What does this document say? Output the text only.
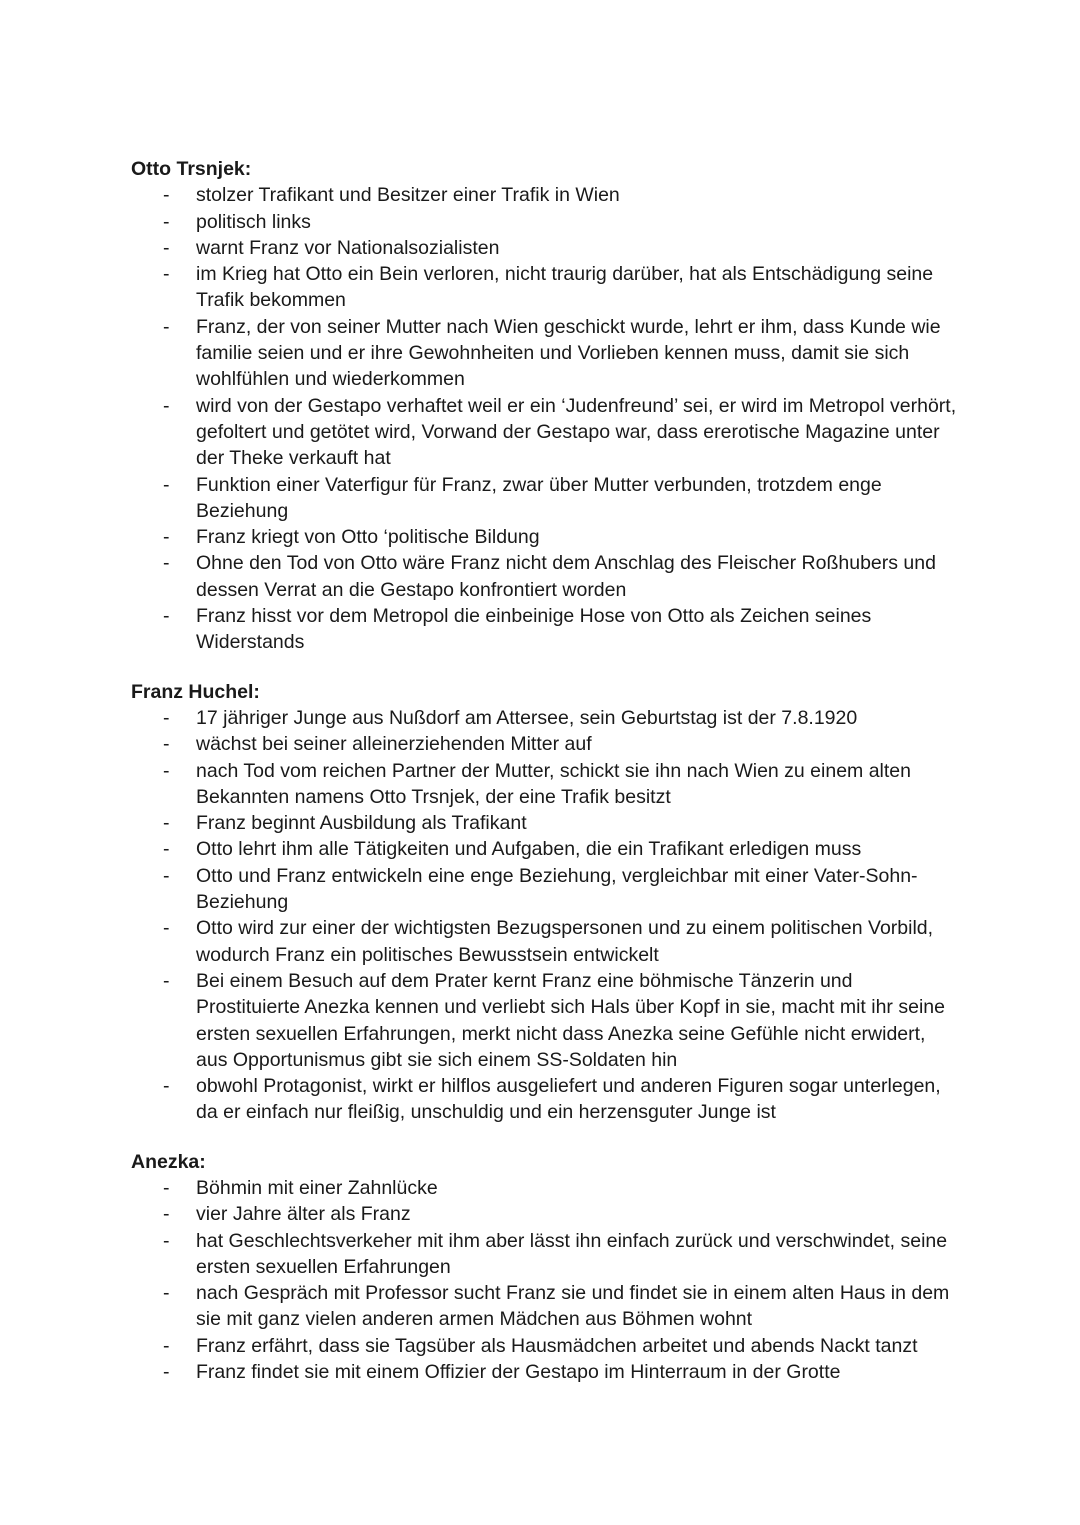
Otto Trsnjek:

- stolzer Trafikant und Besitzer einer Trafik in Wien
- politisch links
- warnt Franz vor Nationalsozialisten
- im Krieg hat Otto ein Bein verloren, nicht traurig darüber, hat als Entschädigung seine Trafik bekommen
- Franz, der von seiner Mutter nach Wien geschickt wurde, lehrt er ihm, dass Kunde wie familie seien und er ihre Gewohnheiten und Vorlieben kennen muss, damit sie sich wohlfühlen und wiederkommen
- wird von der Gestapo verhaftet weil er ein ‘Judenfreund’ sei, er wird im Metropol verhört, gefoltert und getötet wird, Vorwand der Gestapo war, dass ererotische Magazine unter der Theke verkauft hat
- Funktion einer Vaterfigur für Franz, zwar über Mutter verbunden, trotzdem enge Beziehung
- Franz kriegt von Otto ‘politische Bildung
- Ohne den Tod von Otto wäre Franz nicht dem Anschlag des Fleischer Roßhubers und dessen Verrat an die Gestapo konfrontiert worden
- Franz hisst vor dem Metropol die einbeinige Hose von Otto als Zeichen seines Widerstands

Franz Huchel:

- 17 jähriger Junge aus Nußdorf am Attersee, sein Geburtstag ist der 7.8.1920
- wächst bei seiner alleinerziehenden Mitter auf
- nach Tod vom reichen Partner der Mutter, schickt sie ihn nach Wien zu einem alten Bekannten namens Otto Trsnjek, der eine Trafik besitzt
- Franz beginnt Ausbildung als Trafikant
- Otto lehrt ihm alle Tätigkeiten und Aufgaben, die ein Trafikant erledigen muss
- Otto und Franz entwickeln eine enge Beziehung, vergleichbar mit einer Vater-Sohn-Beziehung
- Otto wird zur einer der wichtigsten Bezugspersonen und zu einem politischen Vorbild, wodurch Franz ein politisches Bewusstsein entwickelt
- Bei einem Besuch auf dem Prater kernt Franz eine böhmische Tänzerin und Prostituierte Anezka kennen und verliebt sich Hals über Kopf in sie, macht mit ihr seine ersten sexuellen Erfahrungen, merkt nicht dass Anezka seine Gefühle nicht erwidert, aus Opportunismus gibt sie sich einem SS-Soldaten hin
- obwohl Protagonist, wirkt er hilflos ausgeliefert und anderen Figuren sogar unterlegen, da er einfach nur fleißig, unschuldig und ein herzensguter Junge ist

Anezka:

- Böhmin mit einer Zahnlücke
- vier Jahre älter als Franz
- hat Geschlechtsverkeher mit ihm aber lässt ihn einfach zurück und verschwindet, seine ersten sexuellen Erfahrungen
- nach Gespräch mit Professor sucht Franz sie und findet sie in einem alten Haus in dem sie mit ganz vielen anderen armen Mädchen aus Böhmen wohnt
- Franz erfährt, dass sie Tagsüber als Hausmädchen arbeitet und abends Nackt tanzt
- Franz findet sie mit einem Offizier der Gestapo im Hinterraum in der Grotte
